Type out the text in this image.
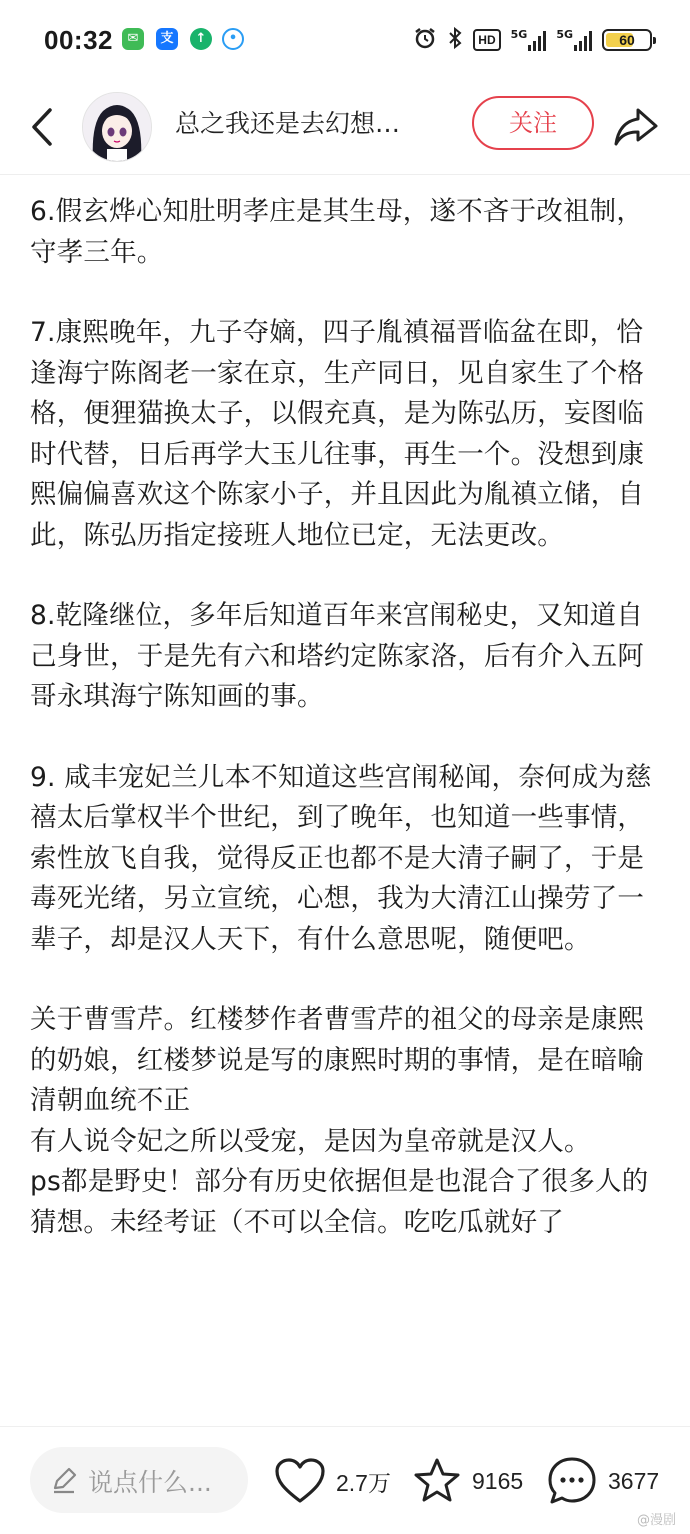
00:32	✉	支	↑	•	HD	5G	5G	60
总之我还是去幻想…	关注

6.假玄烨心知肚明孝庄是其生母，遂不吝于改祖制，守孝三年。

7.康熙晚年，九子夺嫡，四子胤禛福晋临盆在即，恰逢海宁陈阁老一家在京，生产同日，见自家生了个格格，便狸猫换太子，以假充真，是为陈弘历，妄图临时代替，日后再学大玉儿往事，再生一个。没想到康熙偏偏喜欢这个陈家小子，并且因此为胤禛立储，自此，陈弘历指定接班人地位已定，无法更改。

8.乾隆继位，多年后知道百年来宫闱秘史，又知道自己身世，于是先有六和塔约定陈家洛，后有介入五阿哥永琪海宁陈知画的事。

9. 咸丰宠妃兰儿本不知道这些宫闱秘闻，奈何成为慈禧太后掌权半个世纪，到了晚年，也知道一些事情，索性放飞自我，觉得反正也都不是大清子嗣了，于是毒死光绪，另立宣统，心想，我为大清江山操劳了一辈子，却是汉人天下，有什么意思呢，随便吧。

关于曹雪芹。红楼梦作者曹雪芹的祖父的母亲是康熙的奶娘，红楼梦说是写的康熙时期的事情，是在暗喻清朝血统不正
有人说令妃之所以受宠，是因为皇帝就是汉人。
ps都是野史！部分有历史依据但是也混合了很多人的猜想。未经考证（不可以全信。吃吃瓜就好了

说点什么...	2.7万	9165	3677
@漫剧
